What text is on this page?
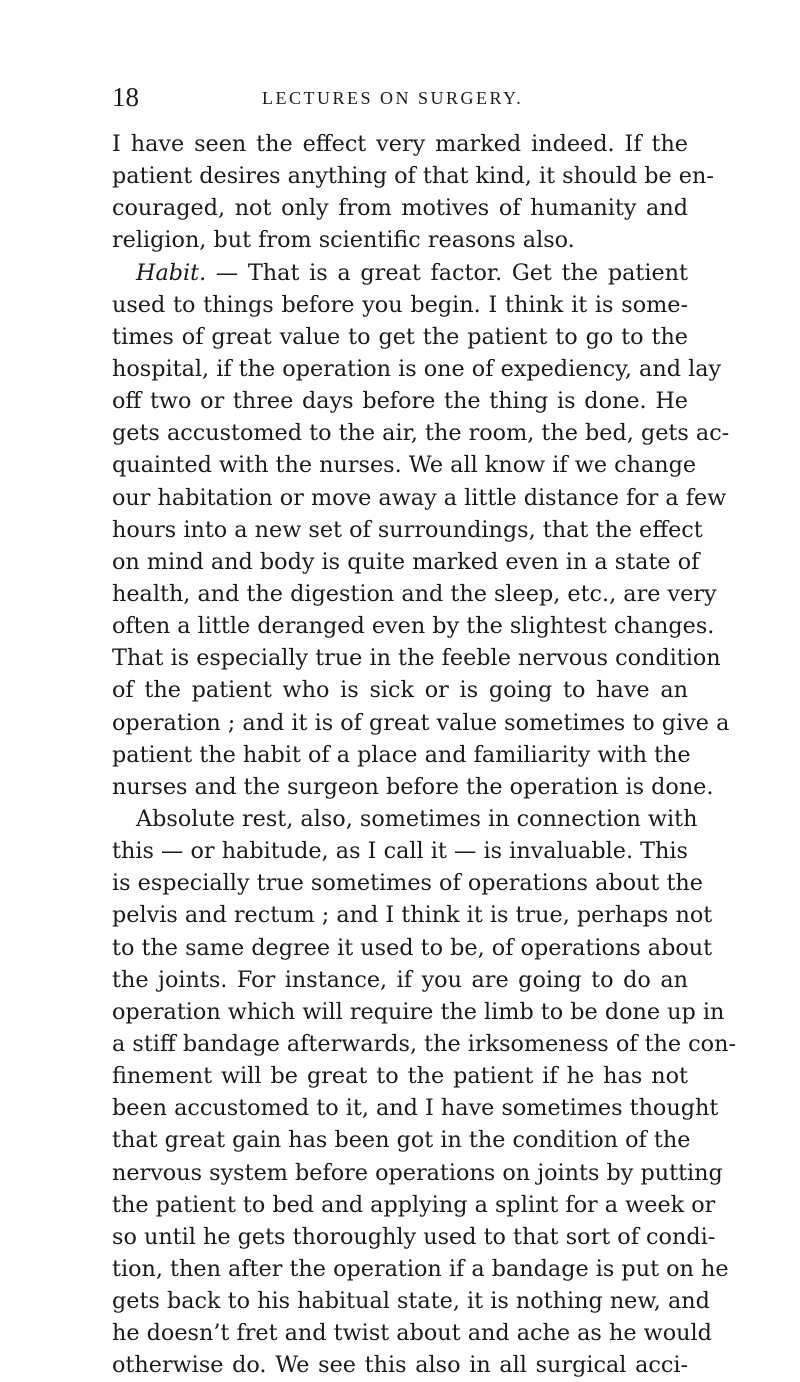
18	LECTURES ON SURGERY.
I have seen the effect very marked indeed. If the
patient desires anything of that kind, it should be en-
couraged, not only from motives of humanity and
religion, but from scientific reasons also.
Habit. — That is a great factor. Get the patient
used to things before you begin. I think it is some-
times of great value to get the patient to go to the
hospital, if the operation is one of expediency, and lay
off two or three days before the thing is done. He
gets accustomed to the air, the room, the bed, gets ac-
quainted with the nurses. We all know if we change
our habitation or move away a little distance for a few
hours into a new set of surroundings, that the effect
on mind and body is quite marked even in a state of
health, and the digestion and the sleep, etc., are very
often a little deranged even by the slightest changes.
That is especially true in the feeble nervous condition
of the patient who is sick or is going to have an
operation ; and it is of great value sometimes to give a
patient the habit of a place and familiarity with the
nurses and the surgeon before the operation is done.
Absolute rest, also, sometimes in connection with
this — or habitude, as I call it — is invaluable. This
is especially true sometimes of operations about the
pelvis and rectum ; and I think it is true, perhaps not
to the same degree it used to be, of operations about
the joints. For instance, if you are going to do an
operation which will require the limb to be done up in
a stiff bandage afterwards, the irksomeness of the con-
finement will be great to the patient if he has not
been accustomed to it, and I have sometimes thought
that great gain has been got in the condition of the
nervous system before operations on joints by putting
the patient to bed and applying a splint for a week or
so until he gets thoroughly used to that sort of condi-
tion, then after the operation if a bandage is put on he
gets back to his habitual state, it is nothing new, and
he doesn’t fret and twist about and ache as he would
otherwise do. We see this also in all surgical acci-
